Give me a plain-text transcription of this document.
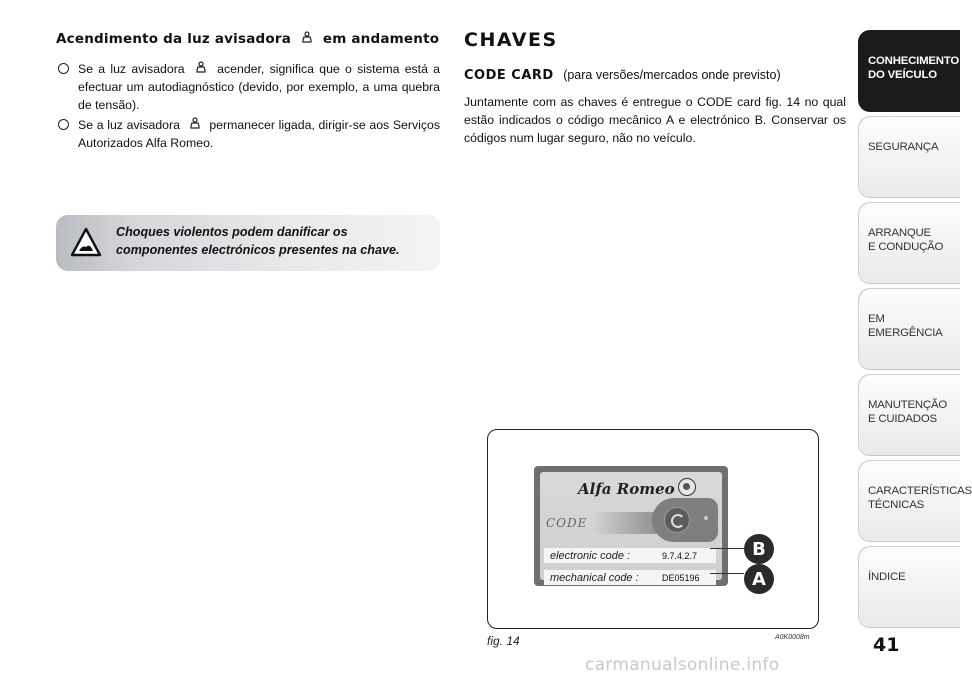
Acendimento da luz avisadora em andamento
Se a luz avisadora	acender, significa que o sistema está a efectuar um autodiagnóstico (devido, por exemplo, a uma quebra de tensão).
Se a luz avisadora permanecer ligada, dirigir-se aos Serviços Autorizados Alfa Romeo.
Choques violentos podem danificar os componentes electrónicos presentes na chave.
CHAVES
CODE CARD (para versões/mercados onde previsto)
Juntamente com as chaves é entregue o CODE card fig. 14 no qual estão indicados o código mecânico A e electrónico B. Conservar os códigos num lugar seguro, não no veículo.
Alfa Romeo
CODE
electronic code :	9.7.4.2.7
mechanical code :	DE05196
B
A
fig. 14	A0K0008m
CONHECIMENTO
DO VEÍCULO
SEGURANÇA
ARRANQUE
E CONDUÇÃO
EM EMERGÊNCIA
MANUTENÇÃO
E CUIDADOS
CARACTERÍSTICAS
TÉCNICAS
ÍNDICE
41
carmanualsonline.info
